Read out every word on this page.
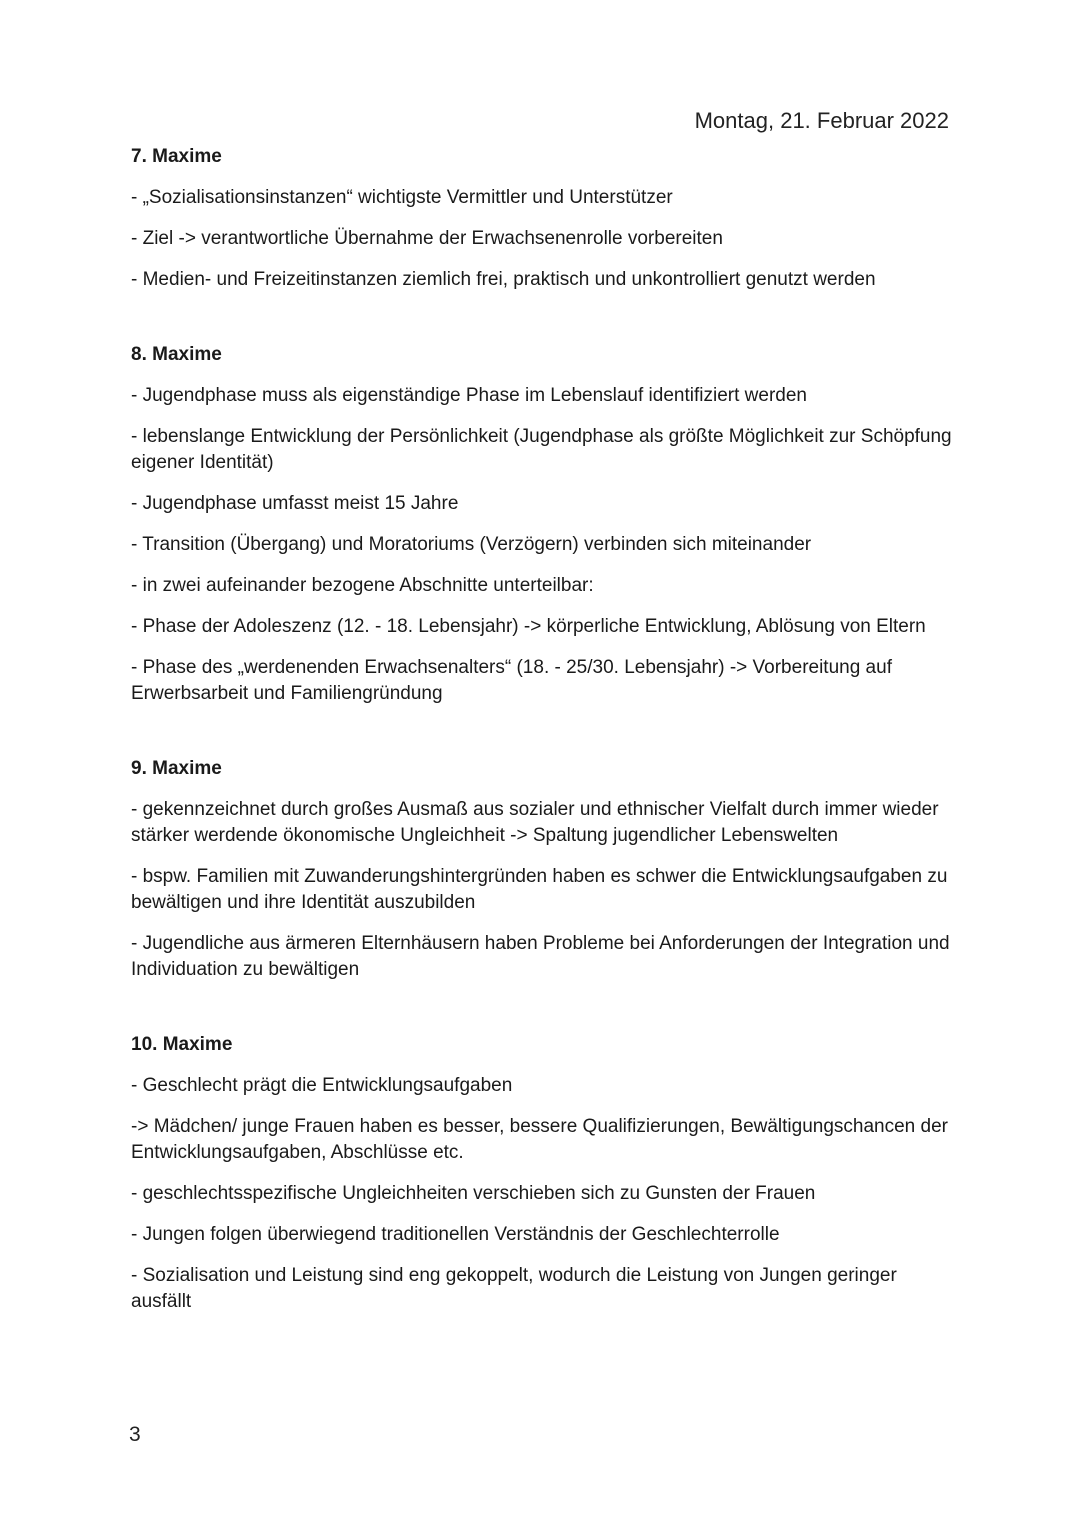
Montag, 21. Februar 2022
7. Maxime
- „Sozialisationsinstanzen“ wichtigste Vermittler und Unterstützer
- Ziel -> verantwortliche Übernahme der Erwachsenenrolle vorbereiten
- Medien- und Freizeitinstanzen ziemlich frei, praktisch und unkontrolliert genutzt werden
8. Maxime
- Jugendphase muss als eigenständige Phase im Lebenslauf identifiziert werden
- lebenslange Entwicklung der Persönlichkeit (Jugendphase als größte Möglichkeit zur Schöpfung eigener Identität)
- Jugendphase umfasst meist 15 Jahre
- Transition (Übergang) und Moratoriums (Verzögern) verbinden sich miteinander
- in zwei aufeinander bezogene Abschnitte unterteilbar:
- Phase der Adoleszenz (12. - 18. Lebensjahr) -> körperliche Entwicklung, Ablösung von Eltern
- Phase des „werdenenden Erwachsenalters“ (18. - 25/30. Lebensjahr) -> Vorbereitung auf Erwerbsarbeit und Familiengründung
9. Maxime
- gekennzeichnet durch großes Ausmaß aus sozialer und ethnischer Vielfalt durch immer wieder stärker werdende ökonomische Ungleichheit -> Spaltung jugendlicher Lebenswelten
- bspw. Familien mit Zuwanderungshintergründen haben es schwer die Entwicklungsaufgaben zu bewältigen und ihre Identität auszubilden
- Jugendliche aus ärmeren Elternhäusern haben Probleme bei Anforderungen der Integration und Individuation zu bewältigen
10. Maxime
- Geschlecht prägt die Entwicklungsaufgaben
-> Mädchen/ junge Frauen haben es besser, bessere Qualifizierungen, Bewältigungschancen der Entwicklungsaufgaben, Abschlüsse etc.
- geschlechtsspezifische Ungleichheiten verschieben sich zu Gunsten der Frauen
- Jungen folgen überwiegend traditionellen Verständnis der Geschlechterrolle
- Sozialisation und Leistung sind eng gekoppelt, wodurch die Leistung von Jungen geringer ausfällt
3
